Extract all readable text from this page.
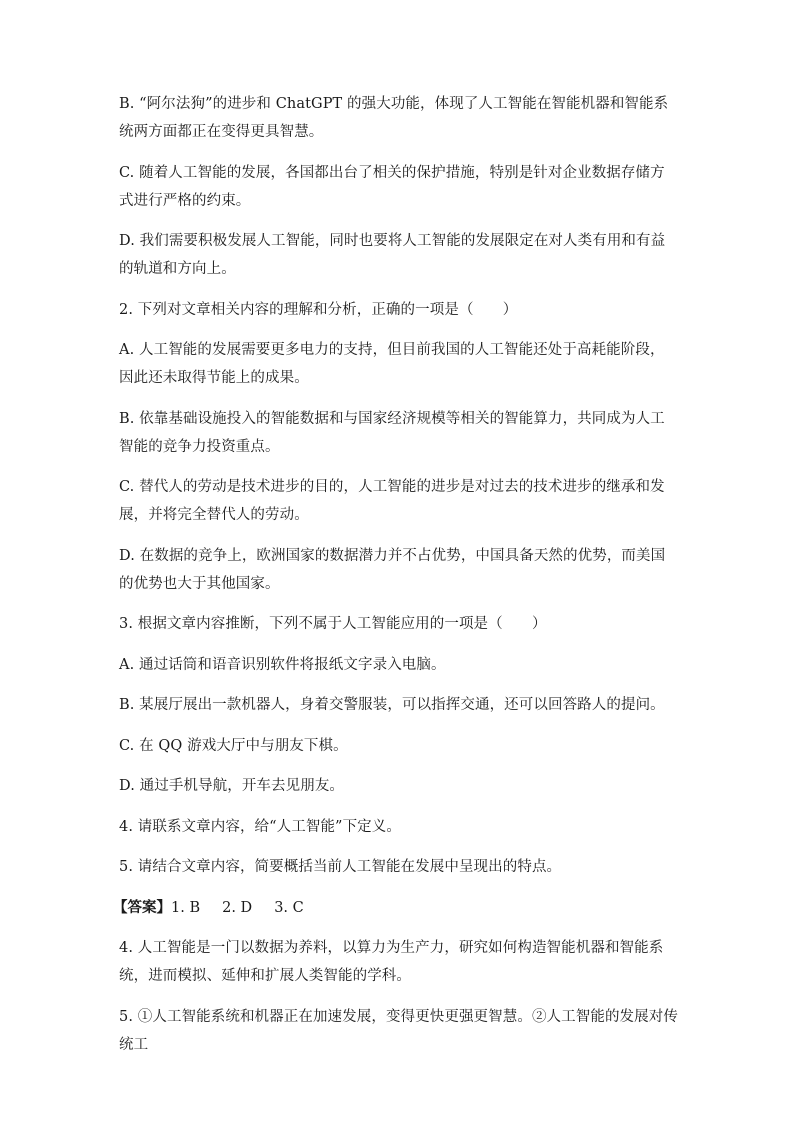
B. “阿尔法狗”的进步和 ChatGPT 的强大功能，体现了人工智能在智能机器和智能系统两方面都正在变得更具智慧。

C. 随着人工智能的发展，各国都出台了相关的保护措施，特别是针对企业数据存储方式进行严格的约束。

D. 我们需要积极发展人工智能，同时也要将人工智能的发展限定在对人类有用和有益的轨道和方向上。

2. 下列对文章相关内容的理解和分析，正确的一项是（　　）

A. 人工智能的发展需要更多电力的支持，但目前我国的人工智能还处于高耗能阶段，因此还未取得节能上的成果。

B. 依靠基础设施投入的智能数据和与国家经济规模等相关的智能算力，共同成为人工智能的竞争力投资重点。

C. 替代人的劳动是技术进步的目的，人工智能的进步是对过去的技术进步的继承和发展，并将完全替代人的劳动。

D. 在数据的竞争上，欧洲国家的数据潜力并不占优势，中国具备天然的优势，而美国的优势也大于其他国家。

3. 根据文章内容推断，下列不属于人工智能应用的一项是（　　）

A. 通过话筒和语音识别软件将报纸文字录入电脑。

B. 某展厅展出一款机器人，身着交警服装，可以指挥交通，还可以回答路人的提问。

C. 在 QQ 游戏大厅中与朋友下棋。

D. 通过手机导航，开车去见朋友。

4. 请联系文章内容，给“人工智能”下定义。

5. 请结合文章内容，简要概括当前人工智能在发展中呈现出的特点。

【答案】1. B 2. D 3. C

4. 人工智能是一门以数据为养料，以算力为生产力，研究如何构造智能机器和智能系统，进而模拟、延伸和扩展人类智能的学科。

5. ①人工智能系统和机器正在加速发展，变得更快更强更智慧。②人工智能的发展对传统工
